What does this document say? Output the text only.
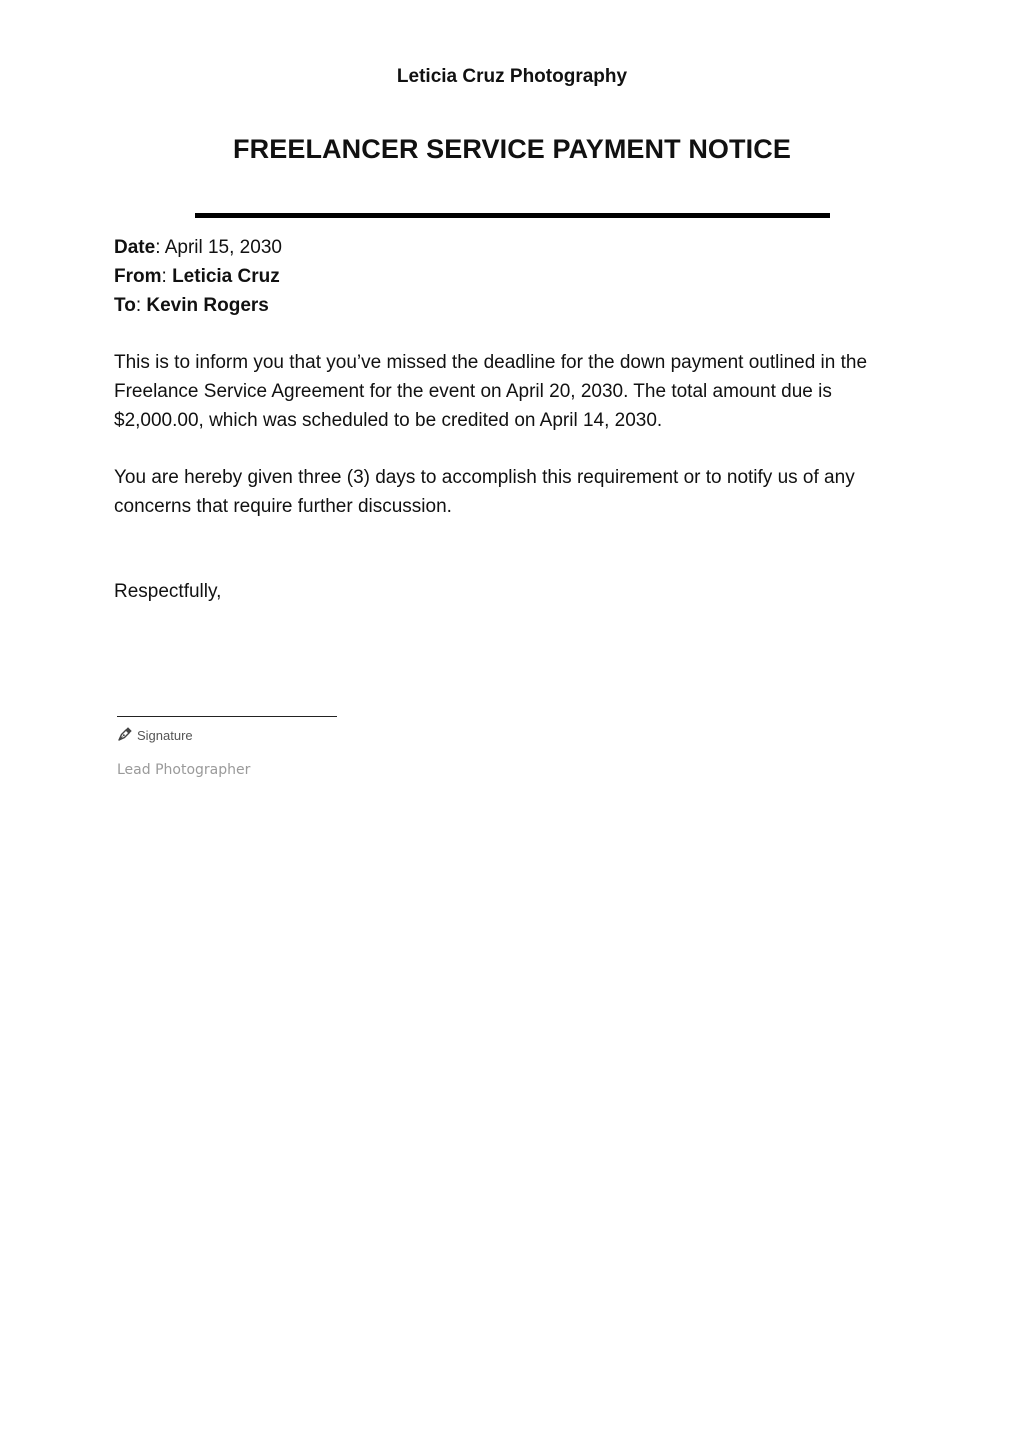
Leticia Cruz Photography
FREELANCER SERVICE PAYMENT NOTICE
Date: April 15, 2030
From: Leticia Cruz
To: Kevin Rogers

This is to inform you that you’ve missed the deadline for the down payment outlined in the Freelance Service Agreement for the event on April 20, 2030. The total amount due is $2,000.00, which was scheduled to be credited on April 14, 2030.

You are hereby given three (3) days to accomplish this requirement or to notify us of any concerns that require further discussion.

Respectfully,
Signature
Lead Photographer
